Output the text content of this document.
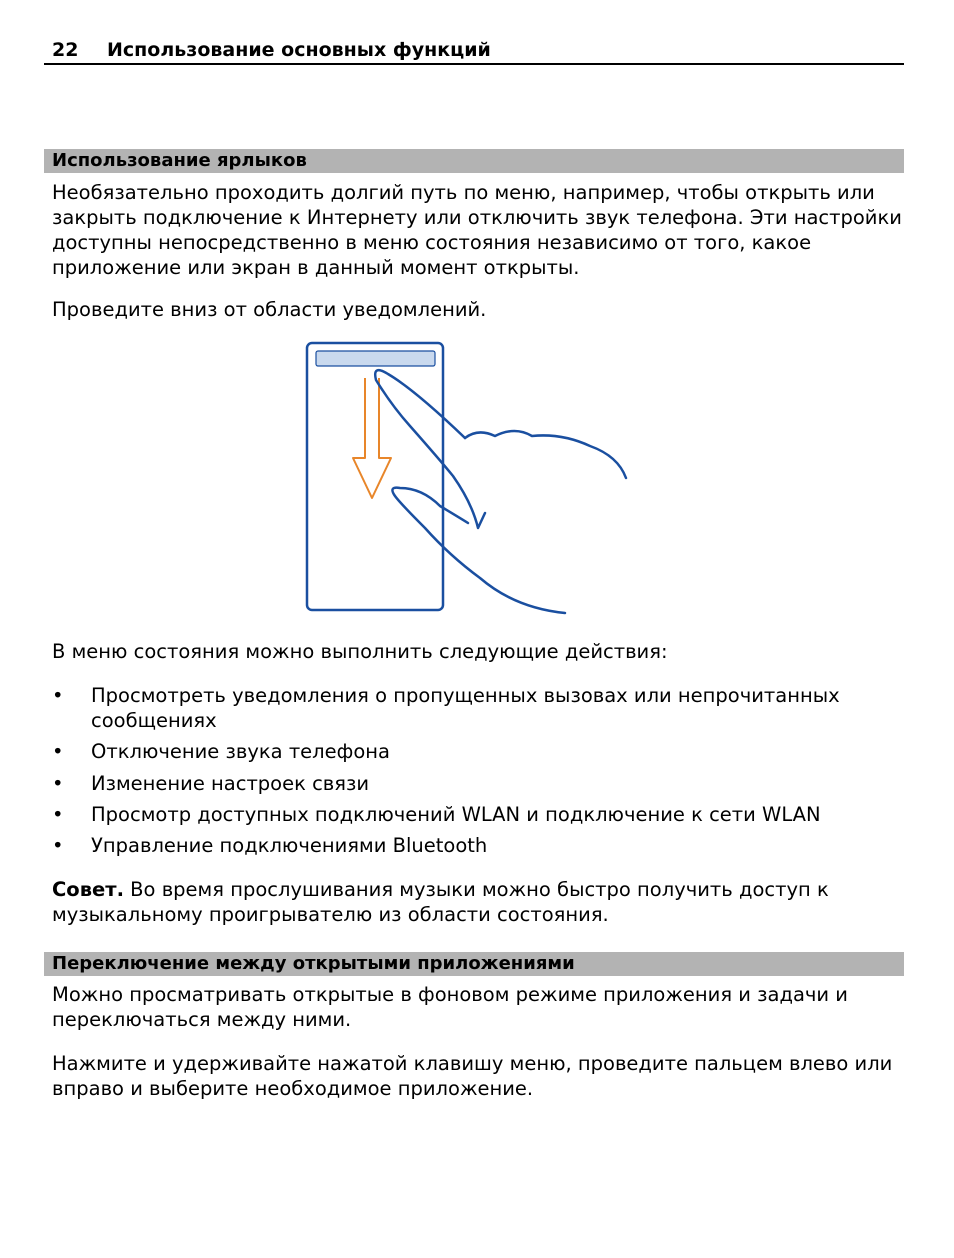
22 Использование основных функций
Использование ярлыков
Необязательно проходить долгий путь по меню, например, чтобы открыть или закрыть подключение к Интернету или отключить звук телефона. Эти настройки доступны непосредственно в меню состояния независимо от того, какое приложение или экран в данный момент открыты.
Проведите вниз от области уведомлений.
В меню состояния можно выполнить следующие действия:
• Просмотреть уведомления о пропущенных вызовах или непрочитанных сообщениях
• Отключение звука телефона
• Изменение настроек связи
• Просмотр доступных подключений WLAN и подключение к сети WLAN
• Управление подключениями Bluetooth
Совет. Во время прослушивания музыки можно быстро получить доступ к музыкальному проигрывателю из области состояния.
Переключение между открытыми приложениями
Можно просматривать открытые в фоновом режиме приложения и задачи и переключаться между ними.
Нажмите и удерживайте нажатой клавишу меню, проведите пальцем влево или вправо и выберите необходимое приложение.
